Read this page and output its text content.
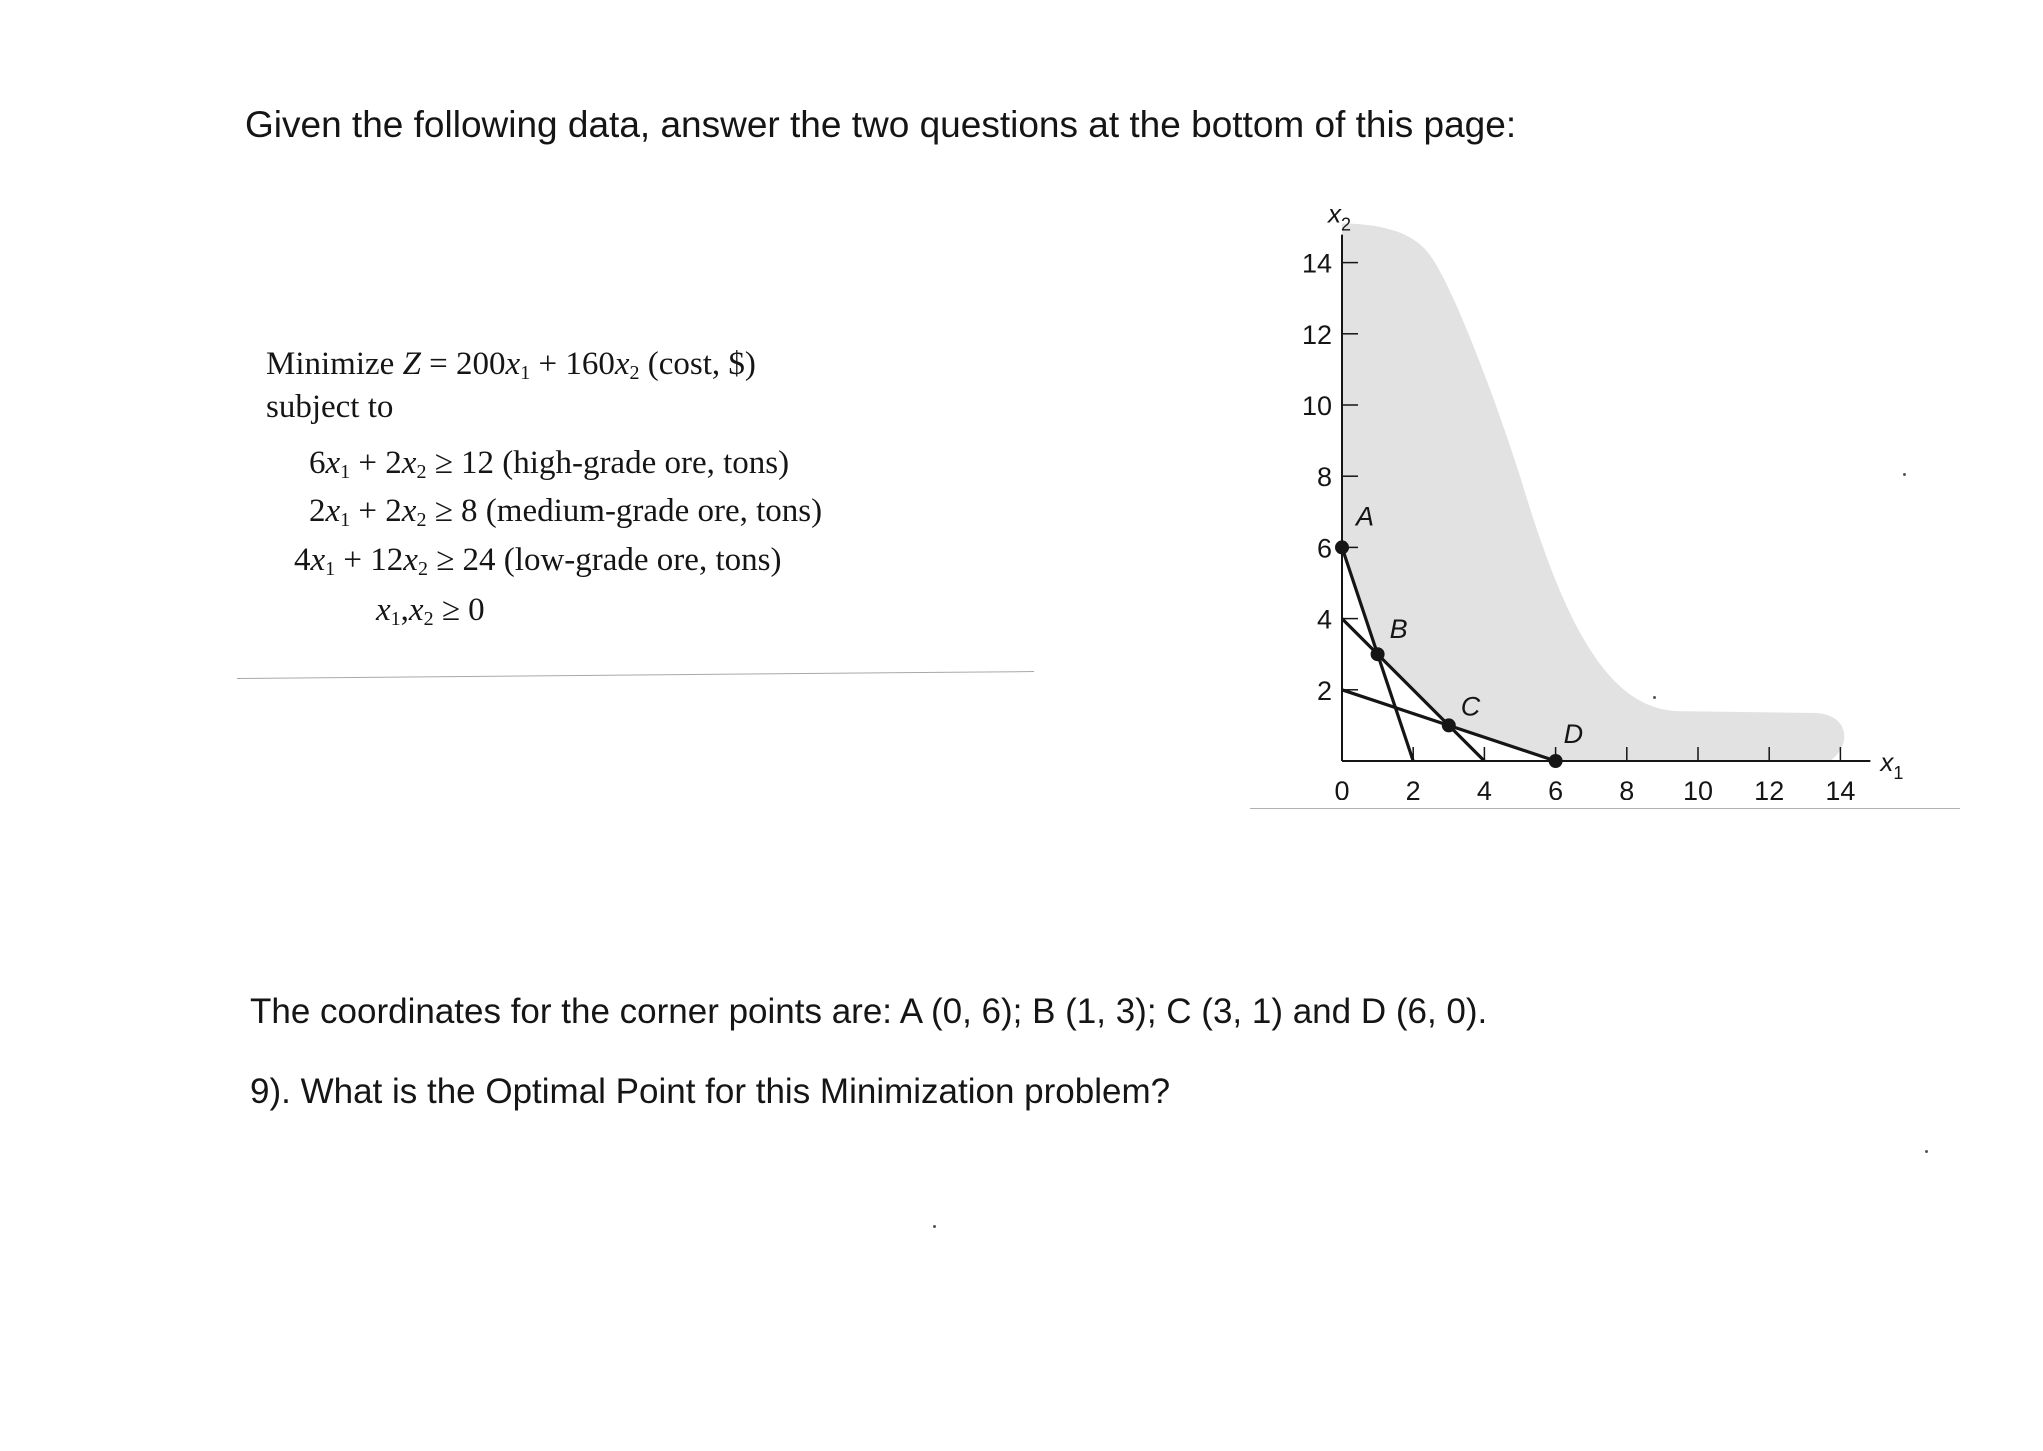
Given the following data, answer the two questions at the bottom of this page:
Minimize $Z = 200x_1 + 160x_2$ (cost, $)
subject to
$6x_1 + 2x_2 \ge 12$ (high-grade ore, tons)
$2x_1 + 2x_2 \ge 8$ (medium-grade ore, tons)
$4x_1 + 12x_2 \ge 24$ (low-grade ore, tons)
$x_1,x_2 \ge 0$
0 2 4 6 8 10 12 14
2
4
6
8
10
12
14
$x_1$
$x_2$
A
B
C
D
The coordinates for the corner points are: A (0, 6); B (1, 3); C (3, 1) and D (6, 0).
9). What is the Optimal Point for this Minimization problem?
